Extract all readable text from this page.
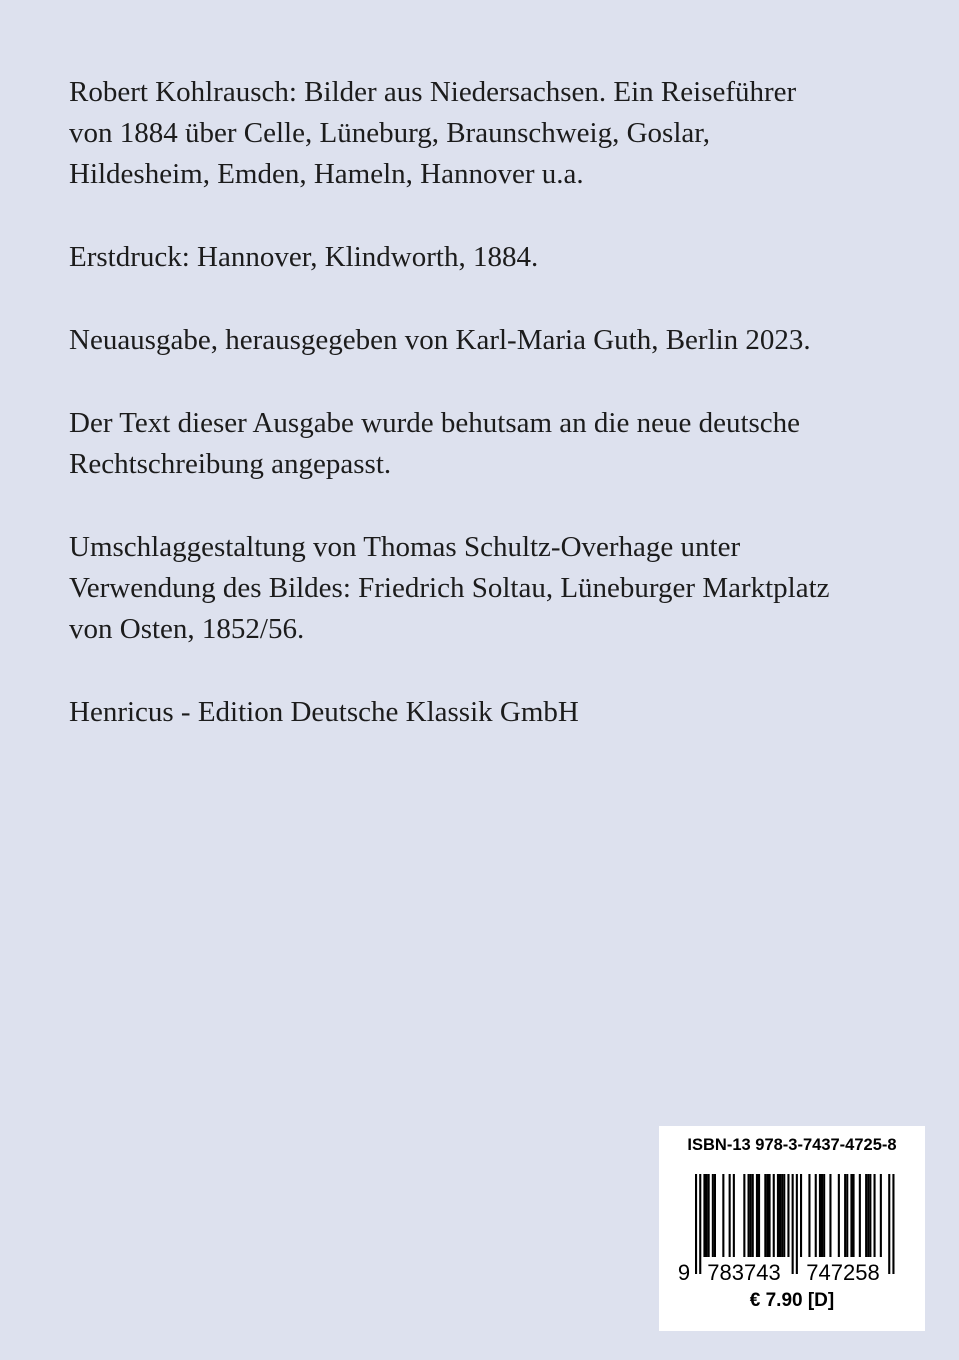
Robert Kohlrausch: Bilder aus Niedersachsen. Ein Reiseführer
von 1884 über Celle, Lüneburg, Braunschweig, Goslar,
Hildesheim, Emden, Hameln, Hannover u.a.

Erstdruck: Hannover, Klindworth, 1884.

Neuausgabe, herausgegeben von Karl-Maria Guth, Berlin 2023.

Der Text dieser Ausgabe wurde behutsam an die neue deutsche
Rechtschreibung angepasst.

Umschlaggestaltung von Thomas Schultz-Overhage unter
Verwendung des Bildes: Friedrich Soltau, Lüneburger Marktplatz
von Osten, 1852/56.

Henricus - Edition Deutsche Klassik GmbH

ISBN-13 978-3-7437-4725-8
9 783743 747258
€ 7.90 [D]
